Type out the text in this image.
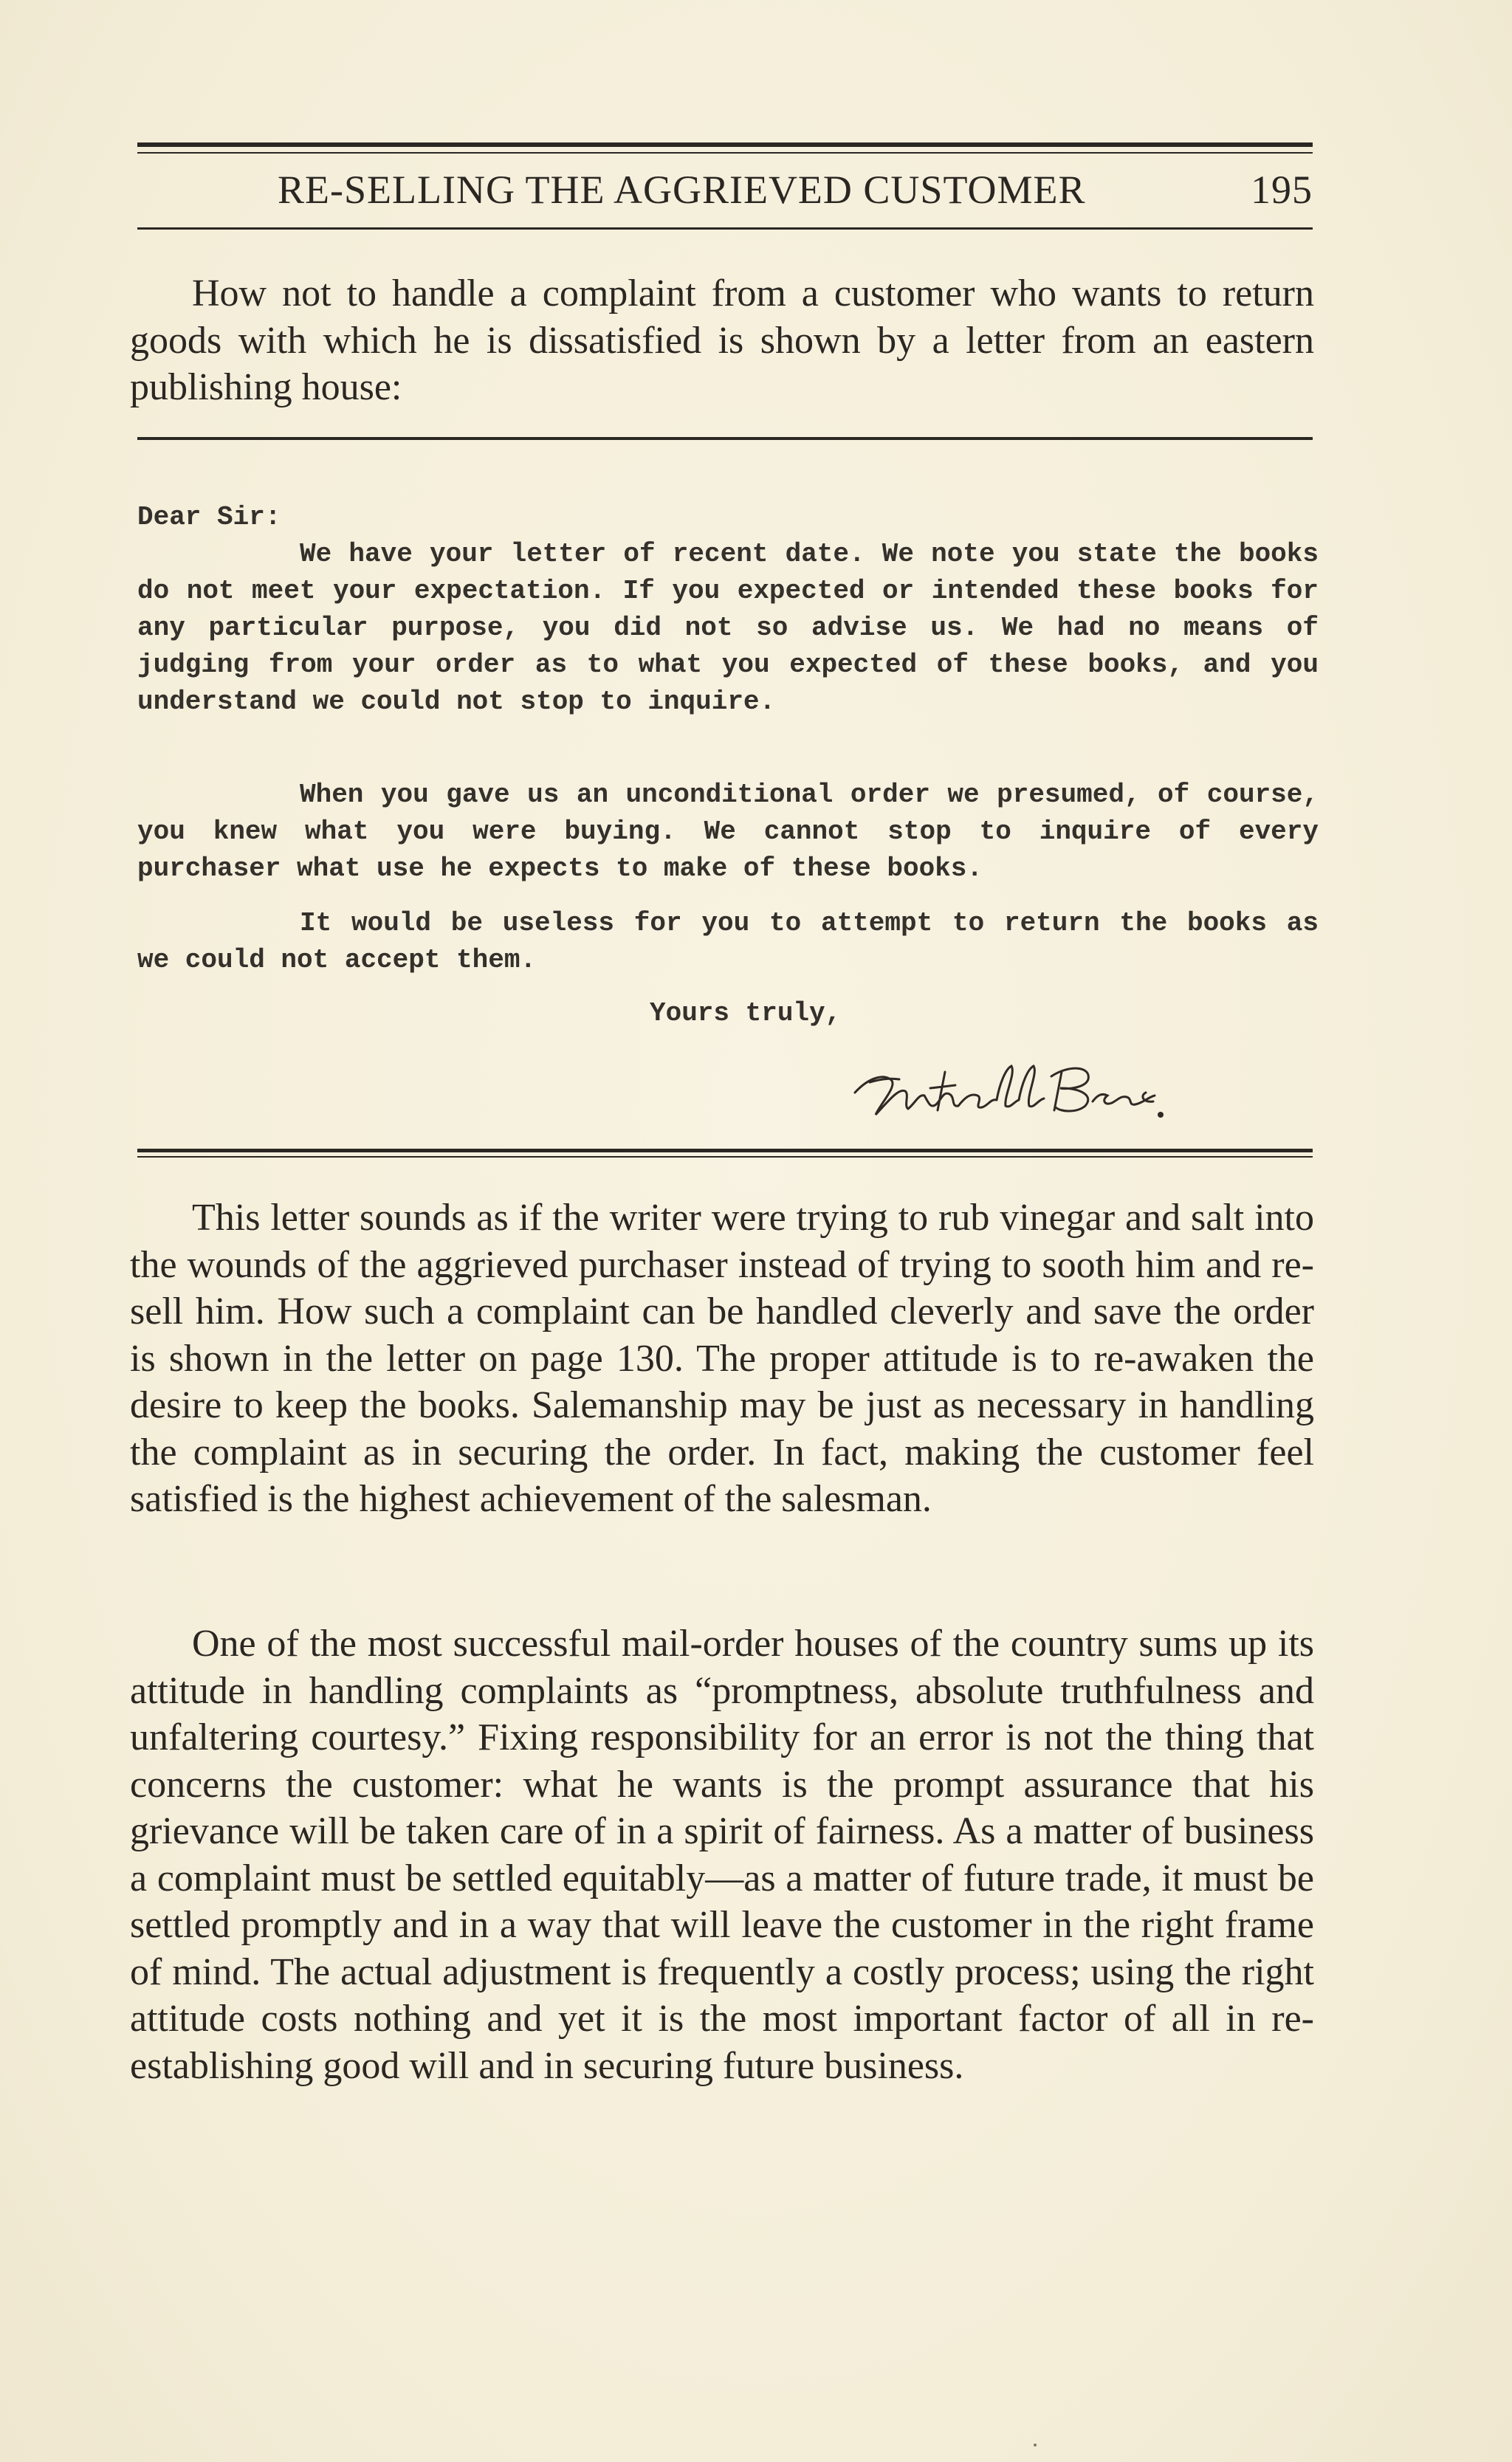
RE-SELLING THE AGGRIEVED CUSTOMER	195

How not to handle a complaint from a customer who wants to return goods with which he is dissatisfied is shown by a letter from an eastern publishing house:

Dear Sir:

We have your letter of recent date. We note you state the books do not meet your expectation. If you expected or intended these books for any particular purpose, you did not so advise us. We had no means of judging from your order as to what you expected of these books, and you understand we could not stop to inquire.

When you gave us an unconditional order we presumed, of course, you knew what you were buying. We cannot stop to inquire of every purchaser what use he expects to make of these books.

It would be useless for you to attempt to return the books as we could not accept them.

Yours truly,

This letter sounds as if the writer were trying to rub vinegar and salt into the wounds of the aggrieved purchaser instead of trying to sooth him and re-sell him. How such a complaint can be handled cleverly and save the order is shown in the letter on page 130. The proper attitude is to re-awaken the desire to keep the books. Salemanship may be just as necessary in handling the complaint as in securing the order. In fact, making the customer feel satisfied is the highest achievement of the salesman.

One of the most successful mail-order houses of the country sums up its attitude in handling complaints as “promptness, absolute truthfulness and unfaltering courtesy.” Fixing responsibility for an error is not the thing that concerns the customer: what he wants is the prompt assurance that his grievance will be taken care of in a spirit of fairness. As a matter of business a complaint must be settled equitably—as a matter of future trade, it must be settled promptly and in a way that will leave the customer in the right frame of mind. The actual adjustment is frequently a costly process; using the right attitude costs nothing and yet it is the most important factor of all in re-establishing good will and in securing future business.
